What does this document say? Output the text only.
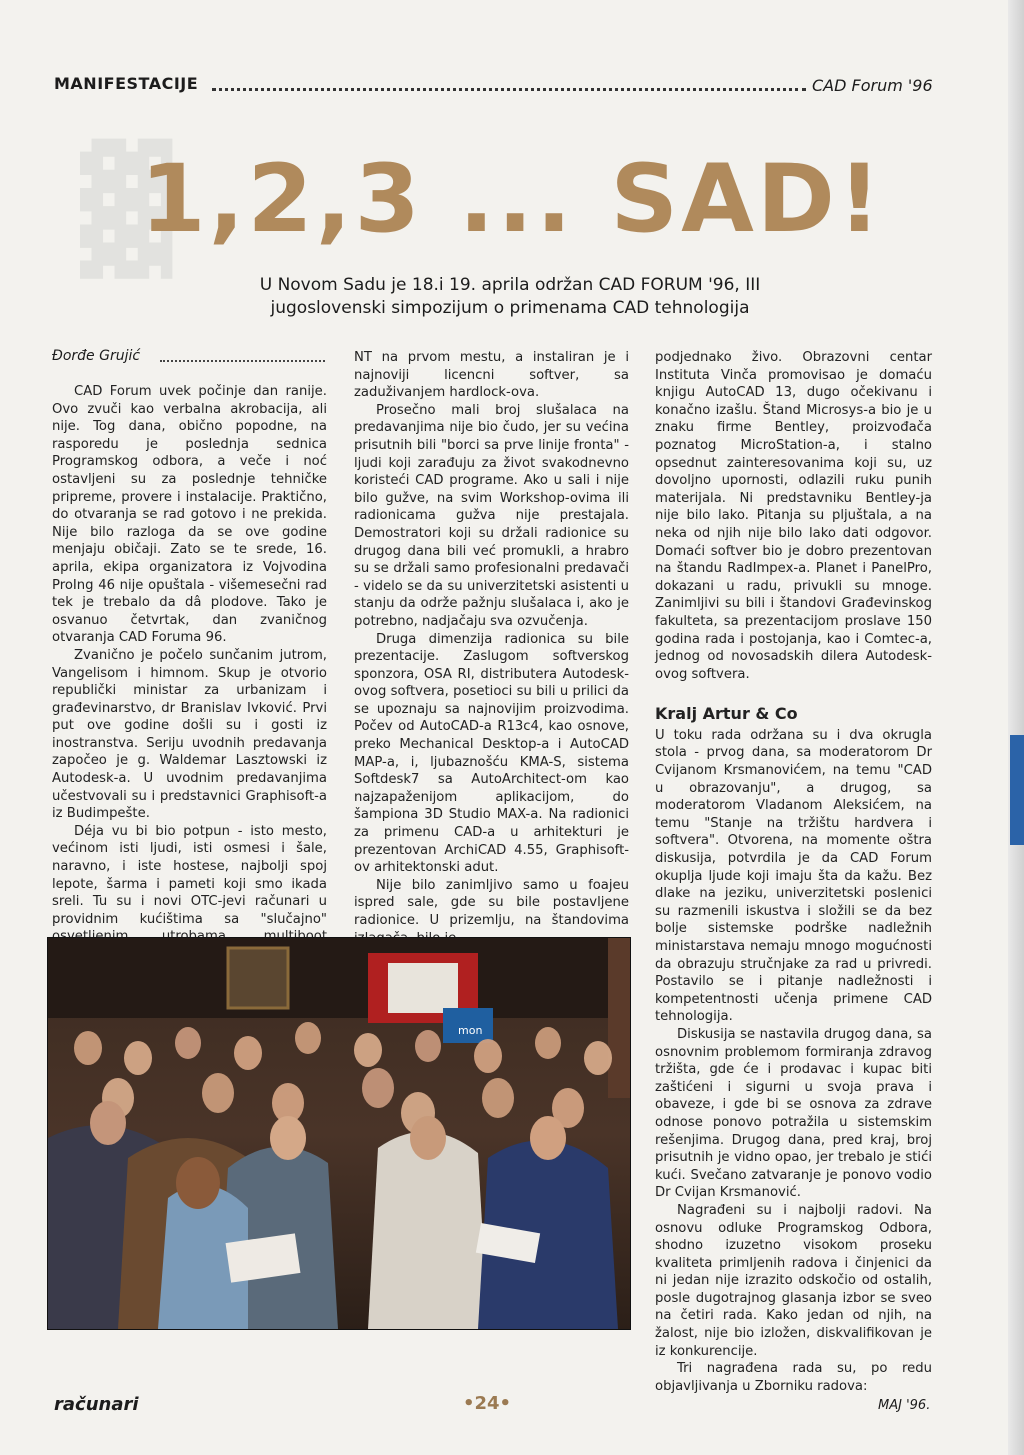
▓
MANIFESTACIJE	CAD Forum '96
1,2,3 ... SAD!
U Novom Sadu je 18.i 19. aprila održan CAD FORUM '96, III jugoslovenski simpozijum o primenama CAD tehnologija
Đorđe Grujić

CAD Forum uvek počinje dan ranije. Ovo zvuči kao verbalna akrobacija, ali nije. Tog dana, obično popodne, na rasporedu je poslednja sednica Programskog odbora, a veče i noć ostavljeni su za poslednje tehničke pripreme, provere i instalacije. Praktično, do otvaranja se rad gotovo i ne prekida. Nije bilo razloga da se ove godine menjaju običaji. Zato se te srede, 16. aprila, ekipa organizatora iz Vojvodina ProIng 46 nije opuštala - višemesečni rad tek je trebalo da dâ plodove. Tako je osvanuo četvrtak, dan zvaničnog otvaranja CAD Foruma 96.

Zvanično je počelo sunčanim jutrom, Vangelisom i himnom. Skup je otvorio republički ministar za urbanizam i građevinarstvo, dr Branislav Ivković. Prvi put ove godine došli su i gosti iz inostranstva. Seriju uvodnih predavanja započeo je g. Waldemar Lasztowski iz Autodesk-a. U uvodnim predavanjima učestvovali su i predstavnici Graphisoft-a iz Budimpešte.

Déja vu bi bio potpun - isto mesto, većinom isti ljudi, isti osmesi i šale, naravno, i iste hostese, najbolji spoj lepote, šarma i pameti koji smo ikada sreli. Tu su i novi OTC-jevi računari u providnim kućištima sa "slučajno"

NT na prvom mestu, a instaliran je i najnoviji licencni softver, sa zaduživanjem hardlock-ova.

Prosečno mali broj slušalaca na predavanjima nije bio čudo, jer su većina prisutnih bili "borci sa prve linije fronta" - ljudi koji zarađuju za život svakodnevno koristeći CAD programe. Ako u sali i nije bilo gužve, na svim Workshop-ovima ili radionicama gužva nije prestajala. Demostratori koji su držali radionice su drugog dana bili već promukli, a hrabro su se držali samo profesionalni predavači - videlo se da su univerzitetski asistenti u stanju da održe pažnju slušalaca i, ako je potrebno, nadjačaju sva ozvučenja.

Druga dimenzija radionica su bile prezentacije. Zaslugom softverskog sponzora, OSA RI, distributera Autodesk-ovog softvera, posetioci su bili u prilici da se upoznaju sa najnovijim proizvodima. Počev od AutoCAD-a R13c4, kao osnove, preko Mechanical Desktop-a i AutoCAD MAP-a, i, ljubaznošću KMA-S, sistema Softdesk7 sa AutoArchitect-om kao najzapaženijom aplikacijom, do šampiona 3D Studio MAX-a. Na radionici za primenu CAD-a u arhitekturi je prezentovan ArchiCAD 4.55, Graphisoft-ov arhitektonski adut.

Nije bilo zanimljivo samo u foajeu ispred sale, gde su bile postavljene radionice. U prizemlju, na štandovima

podjednako živo. Obrazovni centar Instituta Vinča promovisao je domaću knjigu AutoCAD 13, dugo očekivanu i konačno izašlu. Štand Microsys-a bio je u znaku firme Bentley, proizvođača poznatog MicroStation-a, i stalno opsednut zainteresovanima koji su, uz dovoljno upornosti, odlazili ruku punih materijala. Ni predstavniku Bentley-ja nije bilo lako. Pitanja su pljuštala, a na neka od njih nije bilo lako dati odgovor. Domaći softver bio je dobro prezentovan na štandu RadImpex-a. Planet i PanelPro, dokazani u radu, privukli su mnoge. Zanimljivi su bili i štandovi Građevinskog fakulteta, sa prezentacijom proslave 150 godina rada i postojanja, kao i Comtec-a, jednog od novosadskih dilera Autodesk-ovog softvera.

Kralj Artur & Co

U toku rada održana su i dva okrugla stola - prvog dana, sa moderatorom Dr Cvijanom Krsmanovićem, na temu "CAD u obrazovanju", a drugog, sa moderatorom Vladanom Aleksićem, na temu "Stanje na tržištu hardvera i softvera". Otvorena, na momente oštra diskusija, potvrdila je da CAD Forum okuplja ljude koji imaju šta da kažu. Bez dlake na jeziku, univerzitetski poslenici su razmenili iskustva i složili se da bez bolje sistemske podrške nadležnih ministarstava nemaju mnogo mogućnosti da obrazuju stručnjake za rad u privredi. Postavilo se i pitanje nadležnosti i kompetentnosti učenja primene CAD tehnologija.

Diskusija se nastavila drugog dana, sa osnovnim problemom formiranja zdravog tržišta, gde će i prodavac i kupac biti zaštićeni i sigurni u svoja prava i obaveze, i gde bi se osnova za zdrave odnose ponovo potražila u sistemskim rešenjima. Drugog dana, pred kraj, broj prisutnih je vidno opao, jer trebalo je stići kući. Svečano zatvaranje je ponovo vodio Dr Cvijan Krsmanović.

Nagrađeni su i najbolji radovi. Na osnovu odluke Programskog Odbora, shodno izuzetno visokom proseku kvaliteta primljenih radova i činjenici da ni jedan nije izrazito odskočio od ostalih, posle dugotrajnog glasanja izbor se sveo na četiri rada. Kako jedan od njih, na žalost, nije bio izložen, diskvalifikovan je iz konkurencije.

Tri nagrađena rada su, po redu objavljivanja u Zborniku radova:

mon
računari	•24•	MAJ '96.
